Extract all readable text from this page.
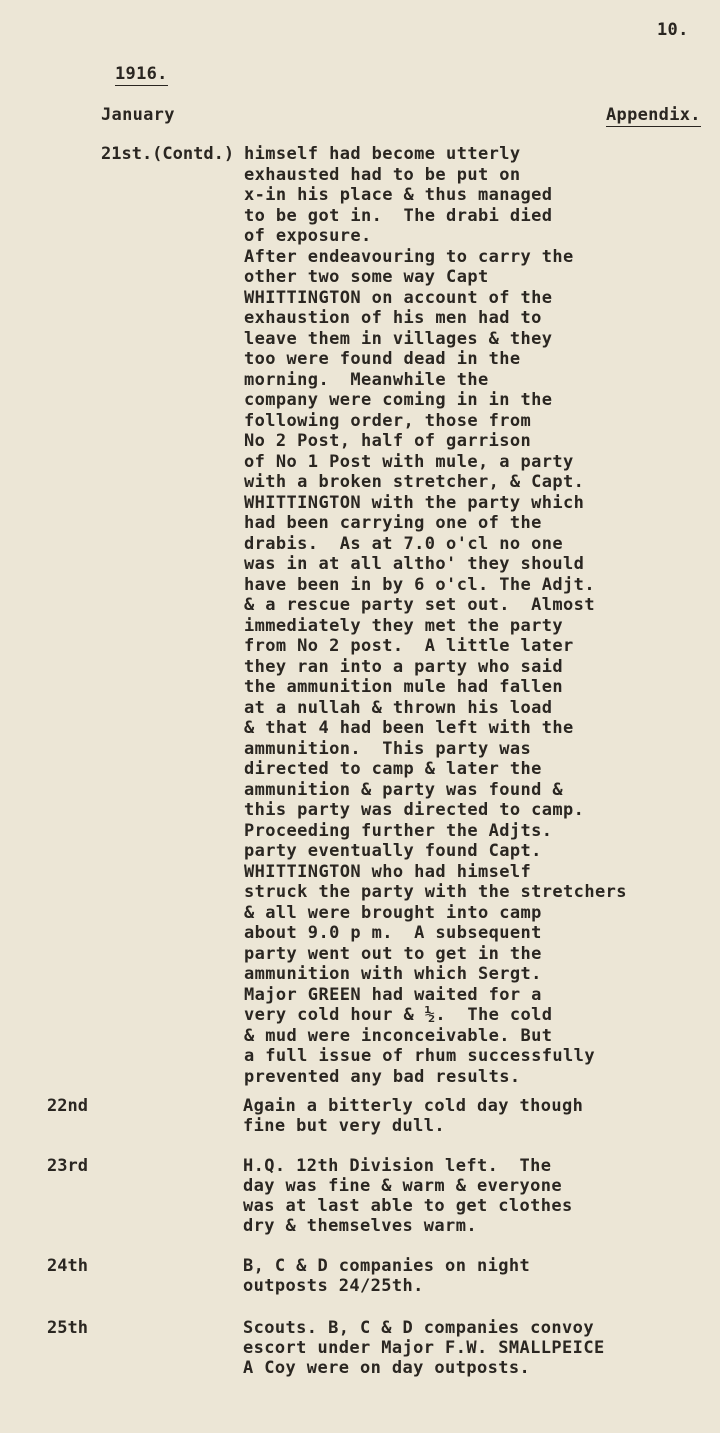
10.
1916.
January	Appendix.
21st.(Contd.) himself had become utterly
exhausted had to be put on
x-in his place & thus managed
to be got in.  The drabi died
of exposure.
After endeavouring to carry the
other two some way Capt
WHITTINGTON on account of the
exhaustion of his men had to
leave them in villages & they
too were found dead in the
morning.  Meanwhile the
company were coming in in the
following order, those from
No 2 Post, half of garrison
of No 1 Post with mule, a party
with a broken stretcher, & Capt.
WHITTINGTON with the party which
had been carrying one of the
drabis.  As at 7.0 o'cl no one
was in at all altho' they should
have been in by 6 o'cl. The Adjt.
& a rescue party set out.  Almost
immediately they met the party
from No 2 post.  A little later
they ran into a party who said
the ammunition mule had fallen
at a nullah & thrown his load
& that 4 had been left with the
ammunition.  This party was
directed to camp & later the
ammunition & party was found &
this party was directed to camp.
Proceeding further the Adjts.
party eventually found Capt.
WHITTINGTON who had himself
struck the party with the stretchers
& all were brought into camp
about 9.0 p m.  A subsequent
party went out to get in the
ammunition with which Sergt.
Major GREEN had waited for a
very cold hour & ½.  The cold
& mud were inconceivable. But
a full issue of rhum successfully
prevented any bad results.
22nd	Again a bitterly cold day though
fine but very dull.
23rd	H.Q. 12th Division left.  The
day was fine & warm & everyone
was at last able to get clothes
dry & themselves warm.
24th	B, C & D companies on night
outposts 24/25th.
25th	Scouts. B, C & D companies convoy
escort under Major F.W. SMALLPEICE
A Coy were on day outposts.
